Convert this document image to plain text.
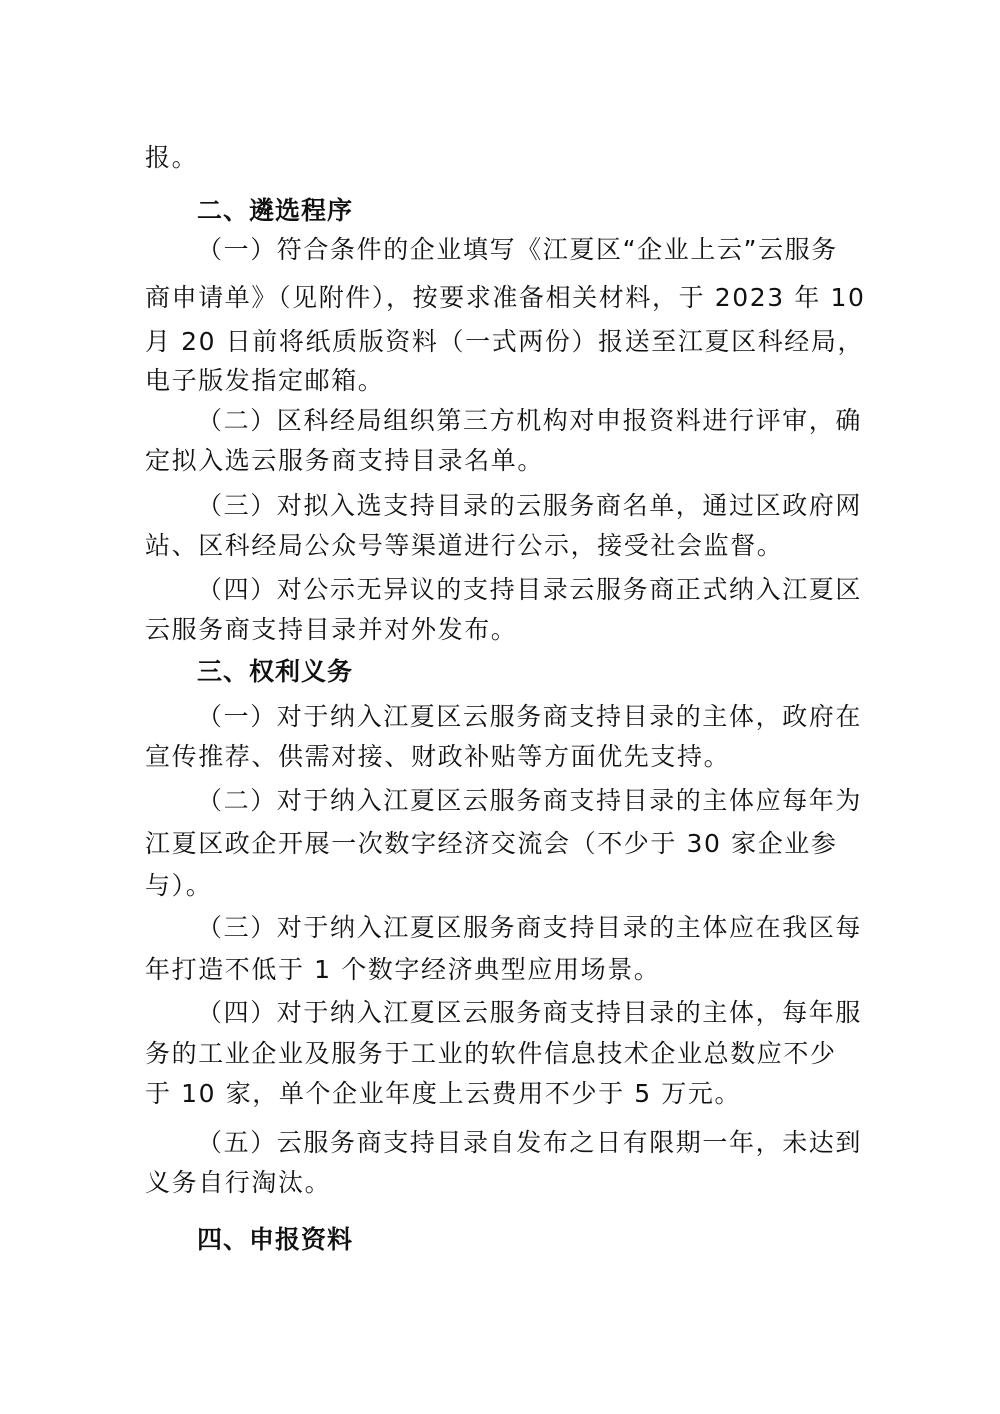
报。
二、遴选程序
（一）符合条件的企业填写《江夏区“企业上云”云服务
商申请单》（见附件），按要求准备相关材料，于 2023 年 10
月 20 日前将纸质版资料（一式两份）报送至江夏区科经局，
电子版发指定邮箱。
（二）区科经局组织第三方机构对申报资料进行评审，确
定拟入选云服务商支持目录名单。
（三）对拟入选支持目录的云服务商名单，通过区政府网
站、区科经局公众号等渠道进行公示，接受社会监督。
（四）对公示无异议的支持目录云服务商正式纳入江夏区
云服务商支持目录并对外发布。
三、权利义务
（一）对于纳入江夏区云服务商支持目录的主体，政府在
宣传推荐、供需对接、财政补贴等方面优先支持。
（二）对于纳入江夏区云服务商支持目录的主体应每年为
江夏区政企开展一次数字经济交流会（不少于 30 家企业参
与）。
（三）对于纳入江夏区服务商支持目录的主体应在我区每
年打造不低于 1 个数字经济典型应用场景。
（四）对于纳入江夏区云服务商支持目录的主体，每年服
务的工业企业及服务于工业的软件信息技术企业总数应不少
于 10 家，单个企业年度上云费用不少于 5 万元。
（五）云服务商支持目录自发布之日有限期一年，未达到
义务自行淘汰。
四、申报资料
